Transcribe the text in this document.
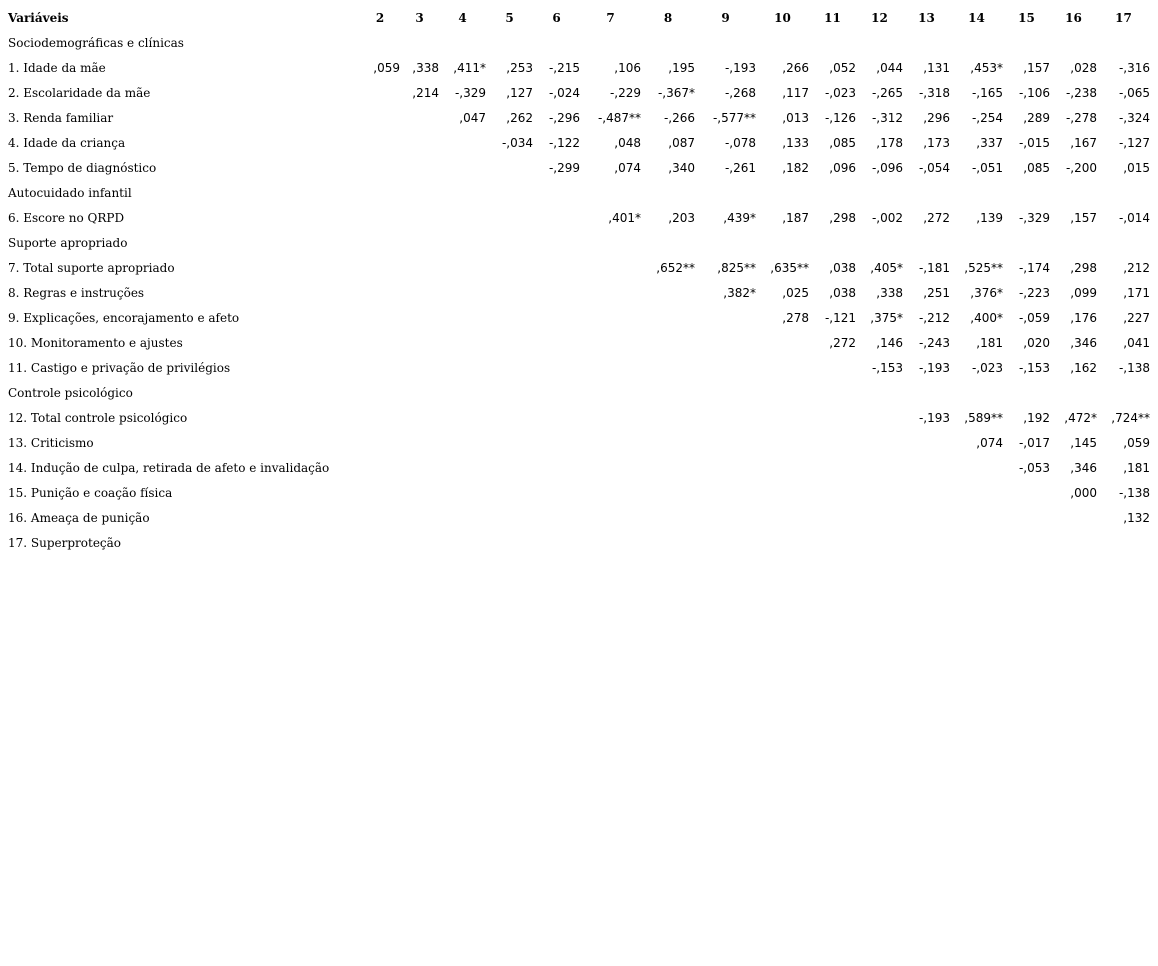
Variáveis	2	3	4	5	6	7	8	9	10	11	12	13	14	15	16	17
Sociodemográficas e clínicas																
1. Idade da mãe	,059	,338	,411*	,253	-,215	,106	,195	-,193	,266	,052	,044	,131	,453*	,157	,028	-,316
2. Escolaridade da mãe		,214	-,329	,127	-,024	-,229	-,367*	-,268	,117	-,023	-,265	-,318	-,165	-,106	-,238	-,065
3. Renda familiar			,047	,262	-,296	-,487**	-,266	-,577**	,013	-,126	-,312	,296	-,254	,289	-,278	-,324
4. Idade da criança				-,034	-,122	,048	,087	-,078	,133	,085	,178	,173	,337	-,015	,167	-,127
5. Tempo de diagnóstico					-,299	,074	,340	-,261	,182	,096	-,096	-,054	-,051	,085	-,200	,015
Autocuidado infantil																
6. Escore no QRPD						,401*	,203	,439*	,187	,298	-,002	,272	,139	-,329	,157	-,014
Suporte apropriado																
7. Total suporte apropriado							,652**	,825**	,635**	,038	,405*	-,181	,525**	-,174	,298	,212
8. Regras e instruções								,382*	,025	,038	,338	,251	,376*	-,223	,099	,171
9. Explicações, encorajamento e afeto									,278	-,121	,375*	-,212	,400*	-,059	,176	,227
10. Monitoramento e ajustes										,272	,146	-,243	,181	,020	,346	,041
11. Castigo e privação de privilégios											-,153	-,193	-,023	-,153	,162	-,138
Controle psicológico																
12. Total controle psicológico												-,193	,589**	,192	,472*	,724**
13. Criticismo													,074	-,017	,145	,059
14. Indução de culpa, retirada de afeto e invalidação														-,053	,346	,181
15. Punição e coação física															,000	-,138
16. Ameaça de punição																,132
17. Superproteção																
